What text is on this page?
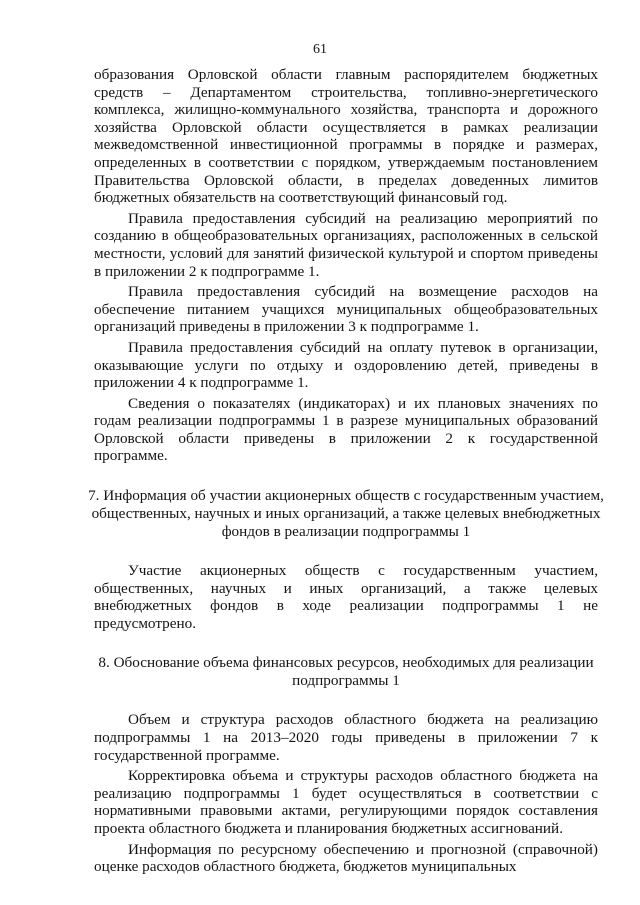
61

образования Орловской области главным распорядителем бюджетных средств – Департаментом строительства, топливно-энергетического комплекса, жилищно-коммунального хозяйства, транспорта и дорожного хозяйства Орловской области осуществляется в рамках реализации межведомственной инвестиционной программы в порядке и размерах, определенных в соответствии с порядком, утверждаемым постановлением Правительства Орловской области, в пределах доведенных лимитов бюджетных обязательств на соответствующий финансовый год.

Правила предоставления субсидий на реализацию мероприятий по созданию в общеобразовательных организациях, расположенных в сельской местности, условий для занятий физической культурой и спортом приведены в приложении 2 к подпрограмме 1.

Правила предоставления субсидий на возмещение расходов на обеспечение питанием учащихся муниципальных общеобразовательных организаций приведены в приложении 3 к подпрограмме 1.

Правила предоставления субсидий на оплату путевок в организации, оказывающие услуги по отдыху и оздоровлению детей, приведены в приложении 4 к подпрограмме 1.

Сведения о показателях (индикаторах) и их плановых значениях по годам реализации подпрограммы 1 в разрезе муниципальных образований Орловской области приведены в приложении 2 к государственной программе.

7. Информация об участии акционерных обществ с государственным участием, общественных, научных и иных организаций, а также целевых внебюджетных фондов в реализации подпрограммы 1

Участие акционерных обществ с государственным участием, общественных, научных и иных организаций, а также целевых внебюджетных фондов в ходе реализации подпрограммы 1 не предусмотрено.

8. Обоснование объема финансовых ресурсов, необходимых для реализации подпрограммы 1

Объем и структура расходов областного бюджета на реализацию подпрограммы 1 на 2013–2020 годы приведены в приложении 7 к государственной программе.

Корректировка объема и структуры расходов областного бюджета на реализацию подпрограммы 1 будет осуществляться в соответствии с нормативными правовыми актами, регулирующими порядок составления проекта областного бюджета и планирования бюджетных ассигнований.

Информация по ресурсному обеспечению и прогнозной (справочной) оценке расходов областного бюджета, бюджетов муниципальных
